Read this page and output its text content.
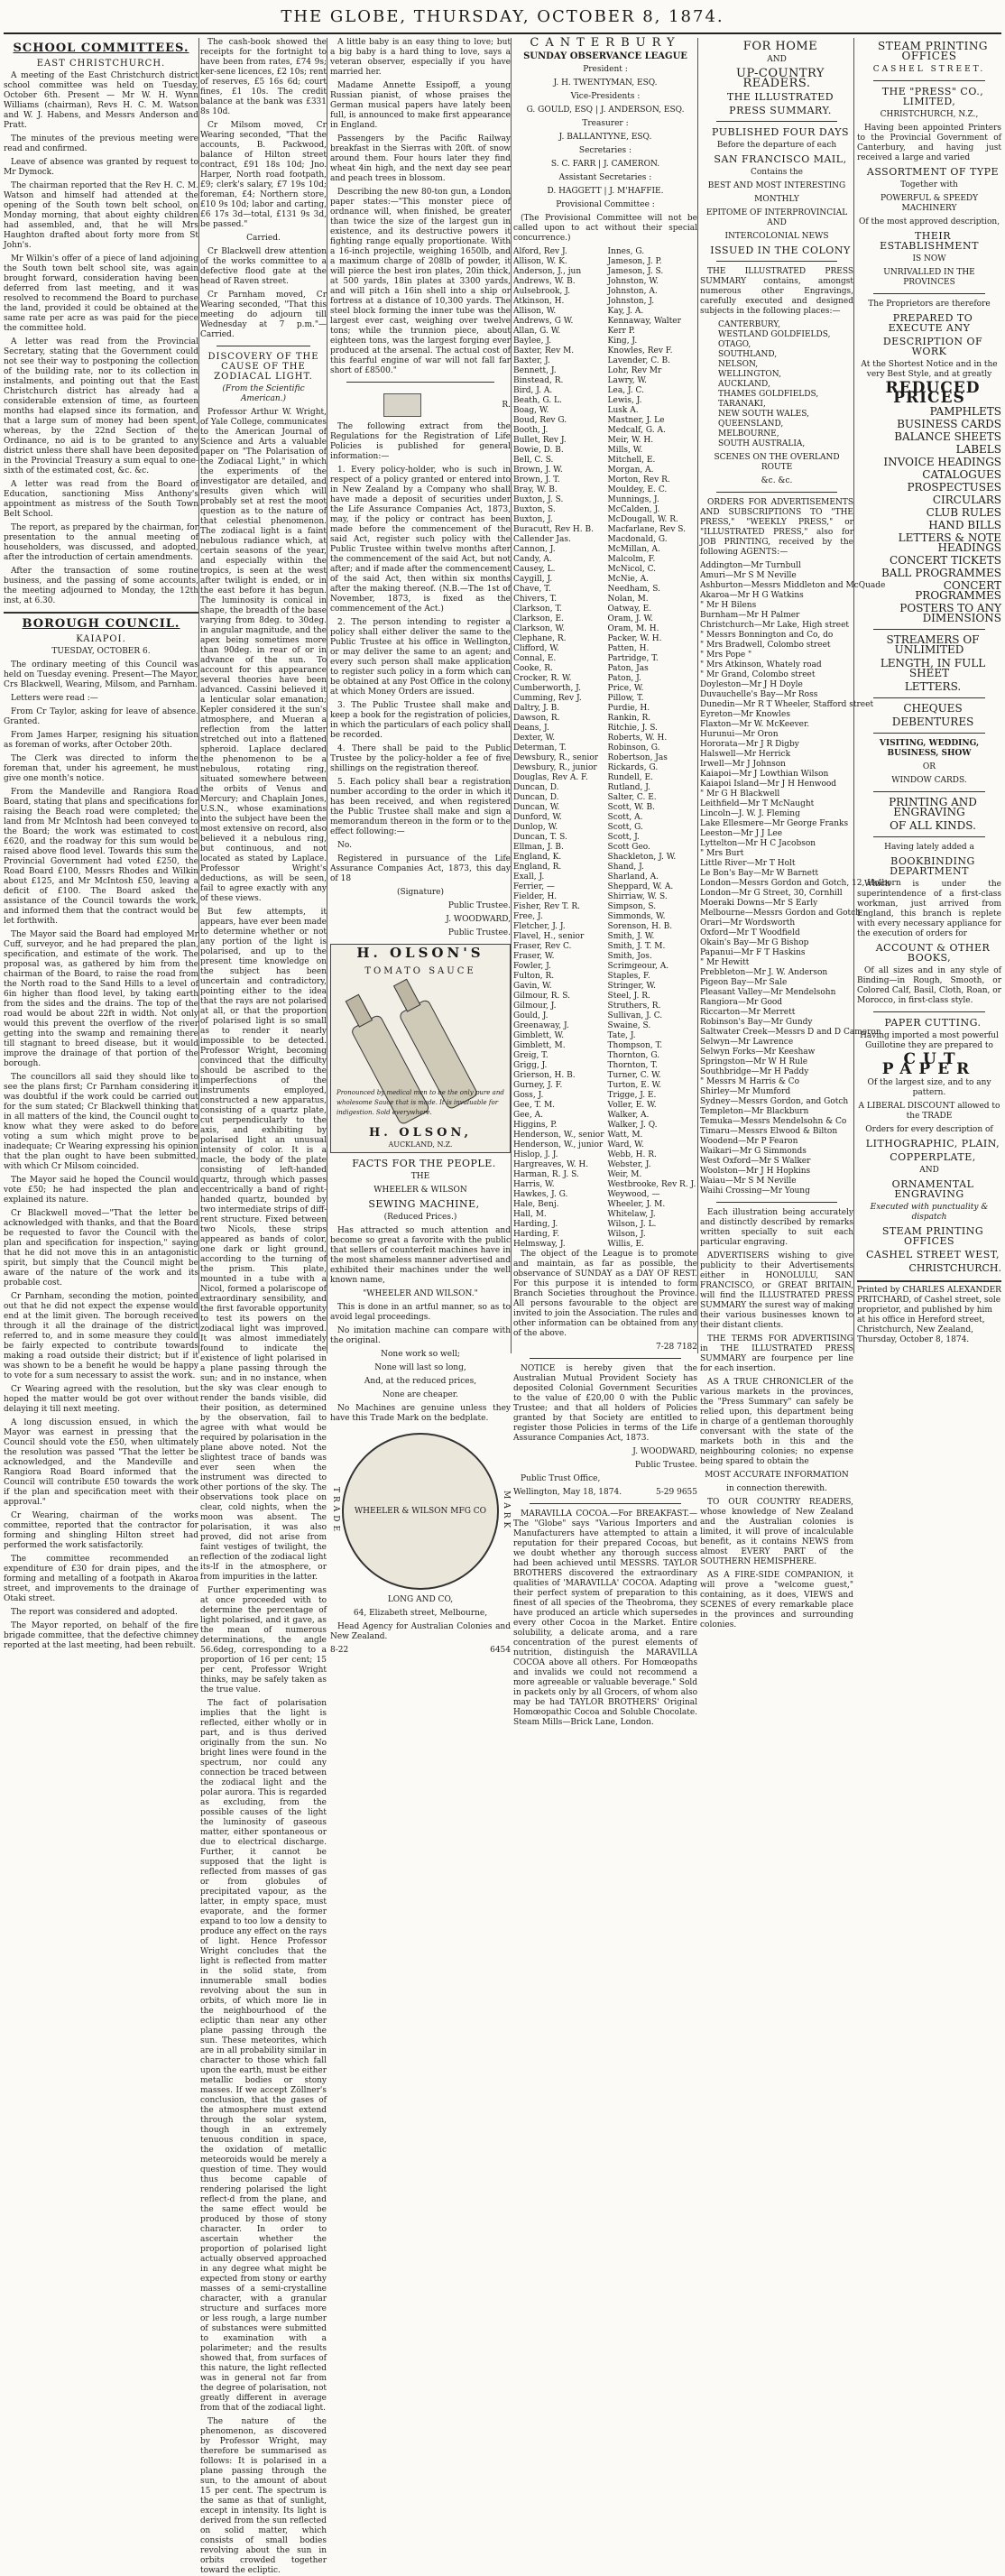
THE GLOBE, THURSDAY, OCTOBER 8, 1874.
SCHOOL COMMITTEES.
EAST CHRISTCHURCH.

A meeting of the East Christchurch district school committee was held on Tuesday, October 6th. Present — Mr W. H. Wynn Williams (chairman), Revs H. C. M. Watson and W. J. Habens, and Messrs Anderson and Pratt.

The minutes of the previous meeting were read and confirmed.

Leave of absence was granted by request to Mr Dymock.

The chairman reported that the Rev H. C. M. Watson and himself had attended at the opening of the South town belt school, on Monday morning, that about eighty children had assembled, and, that he will Mrs Haughton drafted about forty more from St John's.

Mr Wilkin's offer of a piece of land adjoining the South town belt school site, was again brought forward, consideration having been deferred from last meeting, and it was resolved to recommend the Board to purchase the land, provided it could be obtained at the same rate per acre as was paid for the piece the committee hold.

A letter was read from the Provincial Secretary, stating that the Government could not see their way to postponing the collection of the building rate, nor to its collection in instalments, and pointing out that the East Christchurch district has already had a considerable extension of time, as fourteen months had elapsed since its formation, and that a large sum of money had been spent, whereas, by the 22nd Section of the Ordinance, no aid is to be granted to any district unless there shall have been deposited in the Provincial Treasury a sum equal to one-sixth of the estimated cost, &c. &c.

A letter was read from the Board of Education, sanctioning Miss Anthony's appointment as mistress of the South Town Belt School.

The report, as prepared by the chairman, for presentation to the annual meeting of householders, was discussed, and adopted, after the introduction of certain amendments.

After the transaction of some routine business, and the passing of some accounts, the meeting adjourned to Monday, the 12th inst, at 6.30.

BOROUGH COUNCIL.
KAIAPOI.

TUESDAY, OCTOBER 6.

The ordinary meeting of this Council was held on Tuesday evening. Present—The Mayor, Crs Blackwell, Wearing, Milsom, and Parnham.

Letters were read :—

From Cr Taylor, asking for leave of absence. Granted.

From James Harper, resigning his situation as foreman of works, after October 20th.

The Clerk was directed to inform the foreman that, under his agreement, he must give one month's notice.

From the Mandeville and Rangiora Road Board, stating that plans and specifications for raising the Beach road were completed; the land from Mr McIntosh had been conveyed to the Board; the work was estimated to cost £620, and the roadway for this sum would be raised above flood level. Towards this sum the Provincial Government had voted £250, the Road Board £100, Messrs Rhodes and Wilkin about £125, and Mr McIntosh £50, leaving a deficit of £100. The Board asked the assistance of the Council towards the work, and informed them that the contract would be let forthwith.

The Mayor said the Board had employed Mr Cuff, surveyor, and he had prepared the plan, specification, and estimate of the work. The proposal was, as gathered by him from the chairman of the Board, to raise the road from the North road to the Sand Hills to a level of 6in higher than flood level, by taking earth from the sides and the drains. The top of the road would be about 22ft in width. Not only would this prevent the overflow of the river getting into the swamp and remaining there till stagnant to breed disease, but it would improve the drainage of that portion of the borough.

The councillors all said they should like to see the plans first; Cr Parnham considering it was doubtful if the work could be carried out for the sum stated; Cr Blackwell thinking that in all matters of the kind, the Council ought to know what they were asked to do before voting a sum which might prove to be inadequate; Cr Wearing expressing his opinion that the plan ought to have been submitted, with which Cr Milsom coincided.

The Mayor said he hoped the Council would vote £50; he had inspected the plan and explained its nature.

Cr Blackwell moved—"That the letter be acknowledged with thanks, and that the Board be requested to favor the Council with the plan and specification for inspection," saying that he did not move this in an antagonistic spirit, but simply that the Council might be aware of the nature of the work and its probable cost.

Cr Parnham, seconding the motion, pointed out that he did not expect the expense would end at the limit given. The borough received through it all the drainage of the district referred to, and in some measure they could be fairly expected to contribute towards making a road outside their district; but if it was shown to be a benefit he would be happy to vote for a sum necessary to assist the work.

Cr Wearing agreed with the resolution, but hoped the matter would be got over without delaying it till next meeting.

A long discussion ensued, in which the Mayor was earnest in pressing that the Council should vote the £50, when ultimately the resolution was passed "That the letter be acknowledged, and the Mandeville and Rangiora Road Board informed that the Council will contribute £50 towards the work if the plan and specification meet with their approval."

Cr Wearing, chairman of the works committee, reported that the contractor for forming and shingling Hilton street had performed the work satisfactorily.

The committee recommended an expenditure of £30 for drain pipes, and the forming and metalling of a footpath in Akaroa street, and improvements to the drainage of Otaki street.

The report was considered and adopted.

The Mayor reported, on behalf of the fire brigade committee, that the defective chimney reported at the last meeting, had been rebuilt.

The cash-book showed the receipts for the fortnight to have been from rates, £74 9s; ker-sene licences, £2 10s; rent of reserves, £5 16s 6d; court fines, £1 10s. The credit balance at the bank was £331 8s 10d.

Cr Milsom moved, Cr Wearing seconded, "That the accounts, B. Packwood, balance of Hilton street contract, £91 18s 10d; Jno. Harper, North road footpath, £9; clerk's salary, £7 19s 10d; foreman, £4; Northern store, £10 9s 10d; labor and carting, £6 17s 3d—total, £131 9s 3d, be passed."

Carried.

Cr Blackwell drew attention of the works committee to a defective flood gate at the head of Raven street.

Cr Parnham moved, Cr Wearing seconded, "That this meeting do adjourn till Wednesday at 7 p.m."—Carried.

DISCOVERY OF THE CAUSE OF THE ZODIACAL LIGHT.

(From the Scientific American.)

Professor Arthur W. Wright, of Yale College, communicates to the American Journal of Science and Arts a valuable paper on "The Polarisation of the Zodiacal Light," in which the experiments of the investigator are detailed, and results given which will probably set at rest the moot question as to the nature of that celestial phenomenon. The zodiacal light is a faint nebulous radiance which, at certain seasons of the year, and especially within the tropics, is seen at the west after twilight is ended, or in the east before it has begun. The luminosity is conical in shape, the breadth of the base varying from 8deg. to 30deg. in angular magnitude, and the apex being sometimes more than 90deg. in rear of or in advance of the sun. To account for this appearance several theories have been advanced. Cassini believed it a lenticular solar emanation; Kepler considered it the sun's atmosphere, and Mueran a reflection from the latter stretched out into a flattened spheroid. Laplace declared the phenomenon to be a nebulous, rotating ring, situated somewhere between the orbits of Venus and Mercury; and Chaplain Jones, U.S.N., whose examinations into the subject have been the most extensive on record, also believed it a nebulous ring, but continuous, and not located as stated by Laplace. Professor Wright's deductions, as will be seen, fail to agree exactly with any of these views.

But few attempts, it appears, have ever been made to determine whether or not any portion of the light is polarised, and up to the present time knowledge on the subject has been uncertain and contradictory, pointing either to the idea that the rays are not polarised at all, or that the proportion of polarised light is so small as to render it nearly impossible to be detected. Professor Wright, becoming convinced that the difficulty should be ascribed to the imperfections of the instruments employed, constructed a new apparatus, consisting of a quartz plate, cut perpendicularly to the axis, and exhibiting by polarised light an unusual intensity of color. It is a macle, the body of the plate consisting of left-handed quartz, through which passes eccentrically a band of right-handed quartz, bounded by two intermediate strips of diff-rent structure. Fixed between two Nicols, these strips appeared as bands of color, one dark or light ground, according to the turning of the prism. This plate, mounted in a tube with a Nicol, formed a polariscope of extraordinary sensibility, and the first favorable opportunity to test its powers on the zodiacal light was improved. It was almost immediately found to indicate the existence of light polarised in a plane passing through the sun; and in no instance, when the sky was clear enough to render the bands visible, did their position, as determined by the observation, fail to agree with what would be required by polarisation in the plane above noted. Not the slightest trace of bands was ever seen when the instrument was directed to other portions of the sky. The observations took place on clear, cold nights, when the moon was absent. The polarisation, it was also proved, did not arise from faint vestiges of twilight, the reflection of the zodiacal light its-lf in the atmosphere, or from impurities in the latter.

Further experimenting was at once proceeded with to determine the percentage of light polarised, and it gave, as the mean of numerous determinations, the angle 56.6deg, corresponding to a proportion of 16 per cent; 15 per cent, Professor Wright thinks, may be safely taken as the true value.

The fact of polarisation implies that the light is reflected, either wholly or in part, and is thus derived originally from the sun. No bright lines were found in the spectrum, nor could any connection be traced between the zodiacal light and the polar aurora. This is regarded as excluding, from the possible causes of the light the luminosity of gaseous matter, either spontaneous or due to electrical discharge. Further, it cannot be supposed that the light is reflected from masses of gas or from globules of precipitated vapour, as the latter, in empty space, must evaporate, and the former expand to too low a density to produce any effect on the rays of light. Hence Professor Wright concludes that the light is reflected from matter in the solid state, from innumerable small bodies revolving about the sun in orbits, of which more lie in the neighbourhood of the ecliptic than near any other plane passing through the sun. These meteorites, which are in all probability similar in character to those which fall upon the earth, must be either metallic bodies or stony masses. If we accept Zöllner's conclusion, that the gases of the atmosphere must extend through the solar system, though in an extremely tenuous condition in space, the oxidation of metallic meteoroids would be merely a question of time. They would thus become capable of rendering polarised the light reflect-d from the plane, and the same effect would be produced by those of stony character. In order to ascertain whether the proportion of polarised light actually observed approached in any degree what might be expected from stony or earthy masses of a semi-crystalline character, with a granular structure and surfaces more or less rough, a large number of substances were submitted to examination with a polarimeter; and the results showed that, from surfaces of this nature, the light reflected was in general not far from the degree of polarisation, not greatly different in average from that of the zodiacal light.

The nature of the phenomenon, as discovered by Professor Wright, may therefore be summarised as follows: It is polarised in a plane passing through the sun, to the amount of about 15 per cent. The spectrum is the same as that of sunlight, except in intensity. Its light is derived from the sun reflected on solid matter, which consists of small bodies revolving about the sun in orbits crowded together toward the ecliptic.

A little baby is an easy thing to love; but a big baby is a hard thing to love, says a veteran observer, especially if you have married her.

Madame Annette Essipoff, a young Russian pianist, of whose praises the German musical papers have lately been full, is announced to make first appearance in England.

Passengers by the Pacific Railway breakfast in the Sierras with 20ft. of snow around them. Four hours later they find wheat 4in high, and the next day see pear and peach trees in blossom.

Describing the new 80-ton gun, a London paper states:—"This monster piece of ordnance will, when finished, be greater than twice the size of the largest gun in existence, and its destructive powers it fighting range equally proportionate. With a 16-inch projectile, weighing 1650lb, and a maximum charge of 208lb of powder, it will pierce the best iron plates, 20in thick, at 500 yards, 18in plates at 3300 yards, and will pitch a 16in shell into a ship or fortress at a distance of 10,300 yards. The steel block forming the inner tube was the largest ever cast, weighing over twelve tons; while the trunnion piece, about eighteen tons, was the largest forging ever produced at the arsenal. The actual cost of this fearful engine of war will not fall far short of £8500."

R.

The following extract from the Regulations for the Registration of Life Policies is published for general information:—

1. Every policy-holder, who is such in respect of a policy granted or entered into in New Zealand by a Company who shall have made a deposit of securities under the Life Assurance Companies Act, 1873, may, if the policy or contract has been made before the commencement of the said Act, register such policy with the Public Trustee within twelve months after the commencement of the said Act, but not after; and if made after the commencement of the said Act, then within six months after the making thereof. (N.B.—The 1st of November, 1873, is fixed as the commencement of the Act.)

2. The person intending to register a policy shall either deliver the same to the Public Trustee at his office in Wellington, or may deliver the same to an agent; and every such person shall make application to register such policy in a form which can be obtained at any Post Office in the colony at which Money Orders are issued.

3. The Public Trustee shall make and keep a book for the registration of policies, in which the particulars of each policy shall be recorded.

4. There shall be paid to the Public Trustee by the policy-holder a fee of five shillings on the registration thereof.

5. Each policy shall bear a registration number according to the order in which it has been received, and when registered the Public Trustee shall make and sign a memorandum thereon in the form or to the effect following:—

No.

Registered in pursuance of the Life Assurance Companies Act, 1873, this day of 18

(Signature)

Public Trustee.

J. WOODWARD,

Public Trustee.

H. OLSON'S
TOMATO SAUCE
Pronounced by medical men to be the only pure and wholesome Sauce that is made. It is invaluable for indigestion. Sold everywhere.
H. OLSON,
AUCKLAND, N.Z.

FACTS FOR THE PEOPLE.

THE

WHEELER & WILSON

SEWING MACHINE,

(Reduced Prices.)

Has attracted so much attention and become so great a favorite with the public that sellers of counterfeit machines have in the most shameless manner advertised and exhibited their machines under the well known name,

"WHEELER AND WILSON."

This is done in an artful manner, so as to avoid legal proceedings.

No imitation machine can compare with the original.

None work so well;

None will last so long,

And, at the reduced prices,

None are cheaper.

No Machines are genuine unless they have this Trade Mark on the bedplate.

TRADE WHEELER & WILSON MFG CO MARK

LONG AND CO,

64, Elizabeth street, Melbourne,

Head Agency for Australian Colonies and New Zealand.

8-22	6454

CANTERBURY

SUNDAY OBSERVANCE LEAGUE

President :

J. H. TWENTYMAN, ESQ.

Vice-Presidents :

G. GOULD, ESQ | J. ANDERSON, ESQ.

Treasurer :

J. BALLANTYNE, ESQ.

Secretaries :

S. C. FARR | J. CAMERON.

Assistant Secretaries :

D. HAGGETT | J. M'HAFFIE.

Provisional Committee :

(The Provisional Committee will not be called upon to act without their special concurrence.)

Alford, Rev J.
Allison, W. K.
Anderson, J., jun
Andrews, W. B.
Aulsebrook, J.
Atkinson, H.
Allison, W.
Andrews, G W.
Allan, G. W.
Baylee, J.
Baxter, Rev M.
Baxter, J.
Bennett, J.
Binstead, R.
Bird, J. A.
Beath, G. L.
Boag, W.
Boud, Rev G.
Booth, J.
Bullet, Rev J.
Bowie, D. B.
Bell, C. S.
Brown, J. W.
Brown, J. T.
Bray, W. B.
Buxton, J. S.
Buxton, S.
Buxton, J.
Buracutt, Rev H. B.
Callender Jas.
Cannon, J.
Candy, A.
Causey, L.
Caygill, J.
Chave, T.
Chivers, T.
Clarkson, T.
Clarkson, E.
Clarkson, W.
Clephane, R.
Clifford, W.
Connal, E.
Cooke, R.
Crocker, R. W.
Cumberworth, J.
Cumming, Rev J.
Daltry, J. B.
Dawson, R.
Deans, J.
Dexter, W.
Determan, T.
Dewsbury, R., senior
Dewsbury, R., junior
Douglas, Rev A. F.
Duncan, D.
Duncan, D.
Duncan, W.
Dunford, W.
Dunlop, W.
Duncan, T. S.
Ellman, J. B.
England, K.
England, R.
Exall, J.
Ferrier, —
Fielder, H.
Fisher, Rev T. R.
Free, J.
Fletcher, J. J.
Flavel, H., senior
Fraser, Rev C.
Fraser, W.
Fowler, J.
Fulton, R.
Gavin, W.
Gilmour, R. S.
Gilmour, J.
Gould, J.
Greenaway, J.
Gimblett, W.
Gimblett, M.
Greig, T.
Grigg, J.
Grierson, H. B.
Gurney, J. F.
Goss, J.
Gee, T. M.
Gee, A.
Higgins, P.
Henderson, W., senior
Henderson, W., junior
Hislop, J. J.
Hargreaves, W. H.
Harman, R. J. S.
Harris, W.
Hawkes, J. G.
Hale, Benj.
Hall, M.
Harding, J.
Harding, F.
Helmsway, J.
Innes, G.
Jameson, J. P.
Jameson, J. S.
Johnston, W.
Johnston, A.
Johnston, J.
Kay, J. A.
Kennaway, Walter
Kerr P.
King, J.
Knowles, Rev F.
Lavender, C. B.
Lohr, Rev Mr
Lawry, W.
Lea, J. C.
Lewis, J.
Lusk A.
Mastner, J. Le
Medcalf, G. A.
Meir, W. H.
Mills, W.
Mitchell, E.
Morgan, A.
Morton, Rev R.
Mouldey, E. C.
Munnings, J.
McCalden, J.
McDougall, W. R.
Macfarlane, Rev S.
Macdonald, G.
McMillan, A.
Malcolm, F.
McNicol, C.
McNie, A.
Needham, S.
Nolan, M.
Oatway, E.
Oram, J. W.
Oram, M. H.
Packer, W. H.
Patten, H.
Partridge, T.
Paton, Jas
Paton, J.
Price, W.
Pillow, T.
Purdie, H.
Rankin, R.
Ritchie, J. S.
Roberts, W. H.
Robinson, G.
Robertson, Jas
Rickards, G.
Rundell, E.
Rutland, J.
Salter, C. E.
Scott, W. B.
Scott, A.
Scott, G.
Scott, J.
Scott Geo.
Shackleton, J. W.
Shand, J.
Sharland, A.
Sheppard, W. A.
Shirriaw, W. S.
Simpson, S.
Simmonds, W.
Sorenson, H. B.
Smith, J. W.
Smith, J. T. M.
Smith, Jos.
Scrimgeour, A.
Staples, F.
Stringer, W.
Steel, J. R.
Struthers, R.
Sullivan, J. C.
Swaine, S.
Tate, J.
Thompson, T.
Thornton, G.
Thornton, T.
Turner, C. W.
Turton, E. W.
Trigge, J. E.
Voller, E. W.
Walker, A.
Walker, J. Q.
Watt, M.
Ward, W.
Webb, H. R.
Webster, J.
Weir, M.
Westbrooke, Rev R. J.
Weywood, —
Wheeler, J. M.
Whitelaw, J.
Wilson, J. L.
Wilson, J.
Willis, E.

The object of the League is to promote and maintain, as far as possible, the observance of SUNDAY as a DAY OF REST. For this purpose it is intended to form Branch Societies throughout the Province. All persons favourable to the object are invited to join the Association. The rules and other information can be obtained from any of the above.

7-28 7182

NOTICE is hereby given that the Australian Mutual Provident Society has deposited Colonial Government Securities to the value of £20,00 0 with the Public Trustee; and that all holders of Policies granted by that Society are entitled to register those Policies in terms of the Life Assurance Companies Act, 1873.

J. WOODWARD,

Public Trustee.

Public Trust Office,

Wellington, May 18, 1874.	5-29 9655

MARAVILLA COCOA.—For BREAKFAST.—The "Globe" says "Various Importers and Manufacturers have attempted to attain a reputation for their prepared Cocoas, but we doubt whether any thorough success had been achieved until MESSRS. TAYLOR BROTHERS discovered the extraordinary qualities of 'MARAVILLA' COCOA. Adapting their perfect system of preparation to this finest of all species of the Theobroma, they have produced an article which supersedes every other Cocoa in the Market. Entire solubility, a delicate aroma, and a rare concentration of the purest elements of nutrition, distinguish the MARAVILLA COCOA above all others. For Homœopaths and invalids we could not recommend a more agreeable or valuable beverage." Sold in packets only by all Grocers, of whom also may be had TAYLOR BROTHERS' Original Homœopathic Cocoa and Soluble Chocolate. Steam Mills—Brick Lane, London.

FOR HOME

AND

UP-COUNTRY READERS.

THE ILLUSTRATED

PRESS SUMMARY.

PUBLISHED FOUR DAYS

Before the departure of each

SAN FRANCISCO MAIL,

Contains the

BEST AND MOST INTERESTING

MONTHLY

EPITOME OF INTERPROVINCIAL AND

INTERCOLONIAL NEWS

ISSUED IN THE COLONY

THE ILLUSTRATED PRESS SUMMARY contains, amongst numerous other Engravings, carefully executed and designed subjects in the following places:—

CANTERBURY,
WESTLAND GOLDFIELDS,
OTAGO,
SOUTHLAND,
NELSON,
WELLINGTON,
AUCKLAND,
THAMES GOLDFIELDS,
TARANAKI,
NEW SOUTH WALES,
QUEENSLAND,
MELBOURNE,
SOUTH AUSTRALIA,

SCENES ON THE OVERLAND ROUTE

&c. &c.

ORDERS FOR ADVERTISEMENTS AND SUBSCRIPTIONS TO "THE PRESS," "WEEKLY PRESS," or "ILLUSTRATED PRESS," also for JOB PRINTING, received by the following AGENTS:—

Addington—Mr Turnbull
Amuri—Mr S M Neville
Ashburton—Messrs Middleton and McQuade
Akaroa—Mr H G Watkins
" Mr H Bilens
Burnham—Mr H Palmer
Christchurch—Mr Lake, High street
" Messrs Bonnington and Co, do
" Mrs Bradwell, Colombo street
" Mrs Pope "
" Mrs Atkinson, Whately road
" Mr Grand, Colombo street
Doyleston—Mr J H Doyle
Duvauchelle's Bay—Mr Ross
Dunedin—Mr R T Wheeler, Stafford street
Eyreton—Mr Knowles
Flaxton—Mr W. McKeever.
Hurunui—Mr Oron
Hororata—Mr J R Digby
Halswell—Mr Herrick
Irwell—Mr J Johnson
Kaiapoi—Mr J Lowthian Wilson
Kaiapoi Island—Mr J H Henwood
" Mr G H Blackwell
Leithfield—Mr T McNaught
Lincoln—J. W. J. Fleming
Lake Ellesmere—Mr George Franks
Leeston—Mr J J Lee
Lyttelton—Mr H C Jacobson
" Mrs Burt
Little River—Mr T Holt
Le Bon's Bay—Mr W Barnett
London—Messrs Gordon and Gotch, 12, Holborn
London—Mr G Street, 30, Cornhill
Moeraki Downs—Mr S Early
Melbourne—Messrs Gordon and Gotch
Orari—Mr Wordsworth
Oxford—Mr T Woodfield
Okain's Bay—Mr G Bishop
Papanui—Mr F T Haskins
" Mr Hewitt
Prebbleton—Mr J. W. Anderson
Pigeon Bay—Mr Sale
Pleasant Valley—Mr Mendelsohn
Rangiora—Mr Good
Riccarton—Mr Merrett
Robinson's Bay—Mr Gundy
Saltwater Creek—Messrs D and D Cameron
Selwyn—Mr Lawrence
Selwyn Forks—Mr Keeshaw
Springston—Mr W H Rule
Southbridge—Mr H Paddy
" Messrs M Harris & Co
Shirley—Mr Mumford
Sydney—Messrs Gordon, and Gotch
Templeton—Mr Blackburn
Temuka—Messrs Mendelsohn & Co
Timaru—Messrs Elwood & Bilton
Woodend—Mr P Fearon
Waikari—Mr G Simmonds
West Oxford—Mr S Walker
Woolston—Mr J H Hopkins
Waiau—Mr S M Neville
Waihi Crossing—Mr Young

Each illustration being accurately and distinctly described by remarks written specially to suit each particular engraving.

ADVERTISERS wishing to give publicity to their Advertisements either in HONOLULU, SAN FRANCISCO, or GREAT BRITAIN, will find the ILLUSTRATED PRESS SUMMARY the surest way of making their various businesses known to their distant clients.

THE TERMS FOR ADVERTISING in THE ILLUSTRATED PRESS SUMMARY are fourpence per line for each insertion.

AS A TRUE CHRONICLER of the various markets in the provinces, the "Press Summary" can safely be relied upon, this department being in charge of a gentleman thoroughly conversant with the state of the markets both in this and the neighbouring colonies; no expense being spared to obtain the

MOST ACCURATE INFORMATION

in connection therewith.

TO OUR COUNTRY READERS, whose knowledge of New Zealand and the Australian colonies is limited, it will prove of incalculable benefit, as it contains NEWS from almost EVERY PART of the SOUTHERN HEMISPHERE.

AS A FIRE-SIDE COMPANION, it will prove a "welcome guest," containing, as it does, VIEWS and SCENES of every remarkable place in the provinces and surrounding colonies.

STEAM PRINTING OFFICES

CASHEL STREET.

THE "PRESS" CO., LIMITED,

CHRISTCHURCH, N.Z.,

Having been appointed Printers to the Provincial Government of Canterbury, and having just received a large and varied

ASSORTMENT OF TYPE

Together with

POWERFUL & SPEEDY MACHINERY

Of the most approved description,

THEIR ESTABLISHMENT

IS NOW

UNRIVALLED IN THE PROVINCES

The Proprietors are therefore

PREPARED TO EXECUTE ANY

DESCRIPTION OF WORK

At the Shortest Notice and in the very Best Style, and at greatly

REDUCED PRICES

PAMPHLETS
BUSINESS CARDS
BALANCE SHEETS
LABELS
INVOICE HEADINGS
CATALOGUES
PROSPECTUSES
CIRCULARS
CLUB RULES
HAND BILLS
LETTERS & NOTE HEADINGS
CONCERT TICKETS
BALL PROGRAMMES
CONCERT PROGRAMMES
POSTERS TO ANY DIMENSIONS

STREAMERS OF UNLIMITED

LENGTH, IN FULL SHEET

LETTERS.

CHEQUES

DEBENTURES

VISITING, WEDDING, BUSINESS, SHOW

OR

WINDOW CARDS.

PRINTING AND ENGRAVING

OF ALL KINDS.

Having lately added a

BOOKBINDING DEPARTMENT

Which is under the superintendence of a first-class workman, just arrived from England, this branch is replete with every necessary appliance for the execution of orders for

ACCOUNT & OTHER BOOKS,

Of all sizes and in any style of Binding—in Rough, Smooth, or Colored Calf, Basil, Cloth, Roan, or Morocco, in first-class style.

PAPER CUTTING.

Having imported a most powerful Guillotine they are prepared to

CUT PAPER

Of the largest size, and to any pattern.

A LIBERAL DISCOUNT allowed to the TRADE

Orders for every description of

LITHOGRAPHIC, PLAIN,

COPPERPLATE,

AND

ORNAMENTAL ENGRAVING

Executed with punctuality & dispatch

STEAM PRINTING OFFICES

CASHEL STREET WEST,

CHRISTCHURCH.

Printed by CHARLES ALEXANDER PRITCHARD, of Cashel street, sole proprietor, and published by him at his office in Hereford street, Christchurch, New Zealand, Thursday, October 8, 1874.
